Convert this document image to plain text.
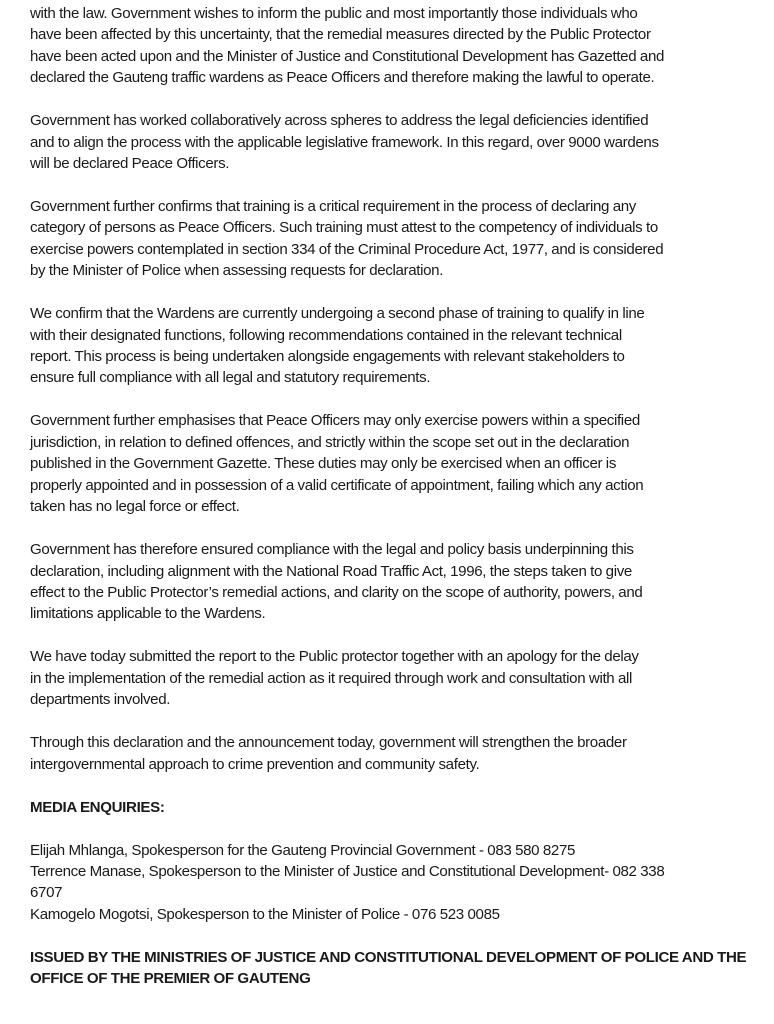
with the law. Government wishes to inform the public and most importantly those individuals who
have been affected by this uncertainty, that the remedial measures directed by the Public Protector
have been acted upon and the Minister of Justice and Constitutional Development has Gazetted and
declared the Gauteng traffic wardens as Peace Officers and therefore making the lawful to operate.

Government has worked collaboratively across spheres to address the legal deficiencies identified
and to align the process with the applicable legislative framework. In this regard, over 9000 wardens
will be declared Peace Officers.

Government further confirms that training is a critical requirement in the process of declaring any
category of persons as Peace Officers. Such training must attest to the competency of individuals to
exercise powers contemplated in section 334 of the Criminal Procedure Act, 1977, and is considered
by the Minister of Police when assessing requests for declaration.

We confirm that the Wardens are currently undergoing a second phase of training to qualify in line
with their designated functions, following recommendations contained in the relevant technical
report. This process is being undertaken alongside engagements with relevant stakeholders to
ensure full compliance with all legal and statutory requirements.

Government further emphasises that Peace Officers may only exercise powers within a specified
jurisdiction, in relation to defined offences, and strictly within the scope set out in the declaration
published in the Government Gazette. These duties may only be exercised when an officer is
properly appointed and in possession of a valid certificate of appointment, failing which any action
taken has no legal force or effect.

Government has therefore ensured compliance with the legal and policy basis underpinning this
declaration, including alignment with the National Road Traffic Act, 1996, the steps taken to give
effect to the Public Protector’s remedial actions, and clarity on the scope of authority, powers, and
limitations applicable to the Wardens.

We have today submitted the report to the Public protector together with an apology for the delay
in the implementation of the remedial action as it required through work and consultation with all
departments involved.

Through this declaration and the announcement today, government will strengthen the broader
intergovernmental approach to crime prevention and community safety.

MEDIA ENQUIRIES:

Elijah Mhlanga, Spokesperson for the Gauteng Provincial Government - 083 580 8275
Terrence Manase, Spokesperson to the Minister of Justice and Constitutional Development- 082 338
6707
Kamogelo Mogotsi, Spokesperson to the Minister of Police - 076 523 0085

ISSUED BY THE MINISTRIES OF JUSTICE AND CONSTITUTIONAL DEVELOPMENT OF POLICE AND THE
OFFICE OF THE PREMIER OF GAUTENG
